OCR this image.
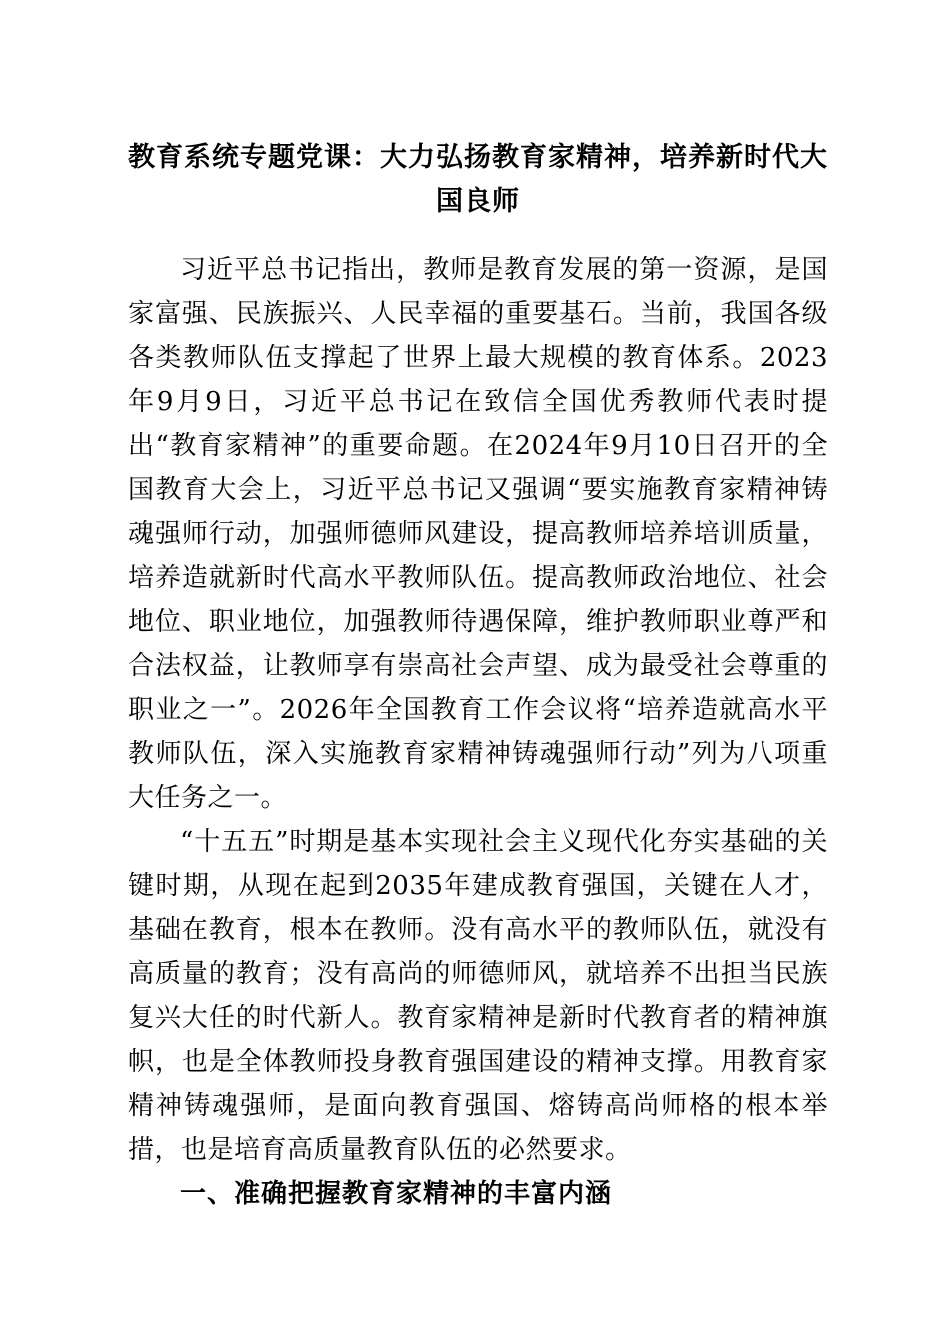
教育系统专题党课：大力弘扬教育家精神，培养新时代大国良师

习近平总书记指出，教师是教育发展的第一资源，是国家富强、民族振兴、人民幸福的重要基石。当前，我国各级各类教师队伍支撑起了世界上最大规模的教育体系。2023年9月9日，习近平总书记在致信全国优秀教师代表时提出“教育家精神”的重要命题。在2024年9月10日召开的全国教育大会上，习近平总书记又强调“要实施教育家精神铸魂强师行动，加强师德师风建设，提高教师培养培训质量，培养造就新时代高水平教师队伍。提高教师政治地位、社会地位、职业地位，加强教师待遇保障，维护教师职业尊严和合法权益，让教师享有崇高社会声望、成为最受社会尊重的职业之一”。2026年全国教育工作会议将“培养造就高水平教师队伍，深入实施教育家精神铸魂强师行动”列为八项重大任务之一。

“十五五”时期是基本实现社会主义现代化夯实基础的关键时期，从现在起到2035年建成教育强国，关键在人才，基础在教育，根本在教师。没有高水平的教师队伍，就没有高质量的教育；没有高尚的师德师风，就培养不出担当民族复兴大任的时代新人。教育家精神是新时代教育者的精神旗帜，也是全体教师投身教育强国建设的精神支撑。用教育家精神铸魂强师，是面向教育强国、熔铸高尚师格的根本举措，也是培育高质量教育队伍的必然要求。

一、准确把握教育家精神的丰富内涵
